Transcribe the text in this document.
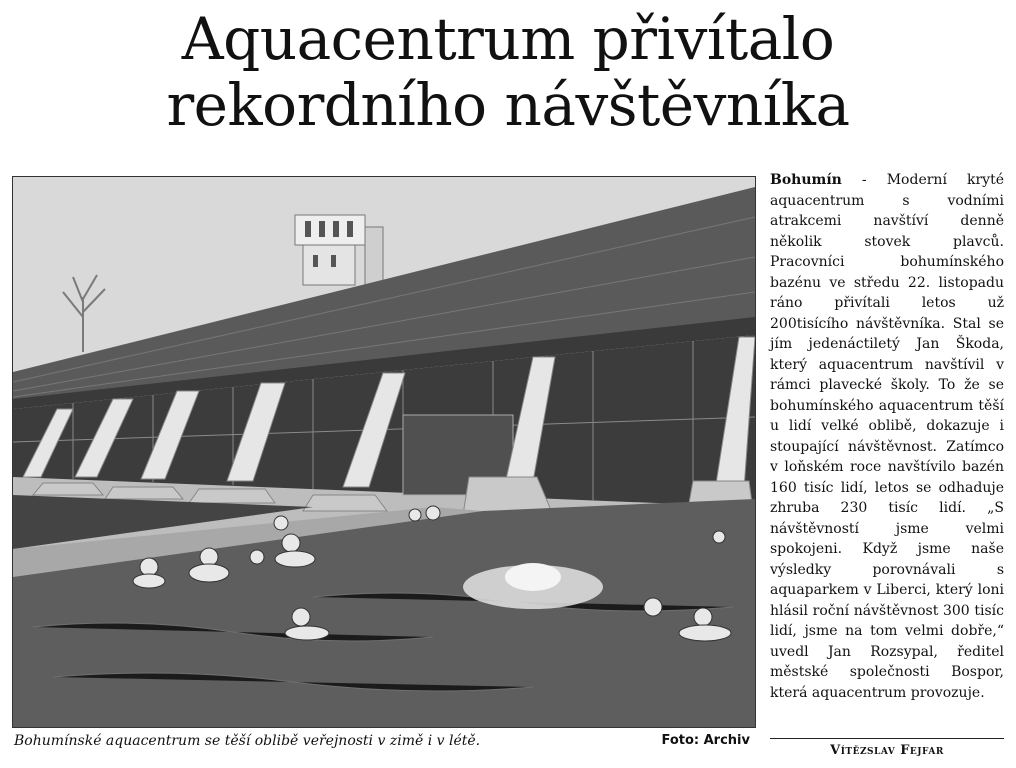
Aquacentrum přivítalo
rekordního návštěvníka
Bohumínské aquacentrum se těší oblibě veřejnosti v zimě i v létě.	Foto: Archiv

Bohumín - Moderní kryté aquacentrum s vodními atrakcemi navštíví denně několik stovek plavců. Pracovníci bohumínského bazénu ve středu 22. listopadu ráno přivítali letos už 200tisícího návštěvníka. Stal se jím jedenáctiletý Jan Škoda, který aquacentrum navštívil v rámci plavecké školy. To že se bohumínského aquacentrum těší u lidí velké oblibě, dokazuje i stoupající návštěvnost. Zatímco v loňském roce navštívilo bazén 160 tisíc lidí, letos se odhaduje zhruba 230 tisíc lidí. „S návštěvností jsme velmi spokojeni. Když jsme naše výsledky porovnávali s aquaparkem v Liberci, který loni hlásil roční návštěvnost 300 tisíc lidí, jsme na tom velmi dobře,“ uvedl Jan Rozsypal, ředitel městské společnosti Bospor, která aquacentrum provozuje.

Vítězslav Fejfar
